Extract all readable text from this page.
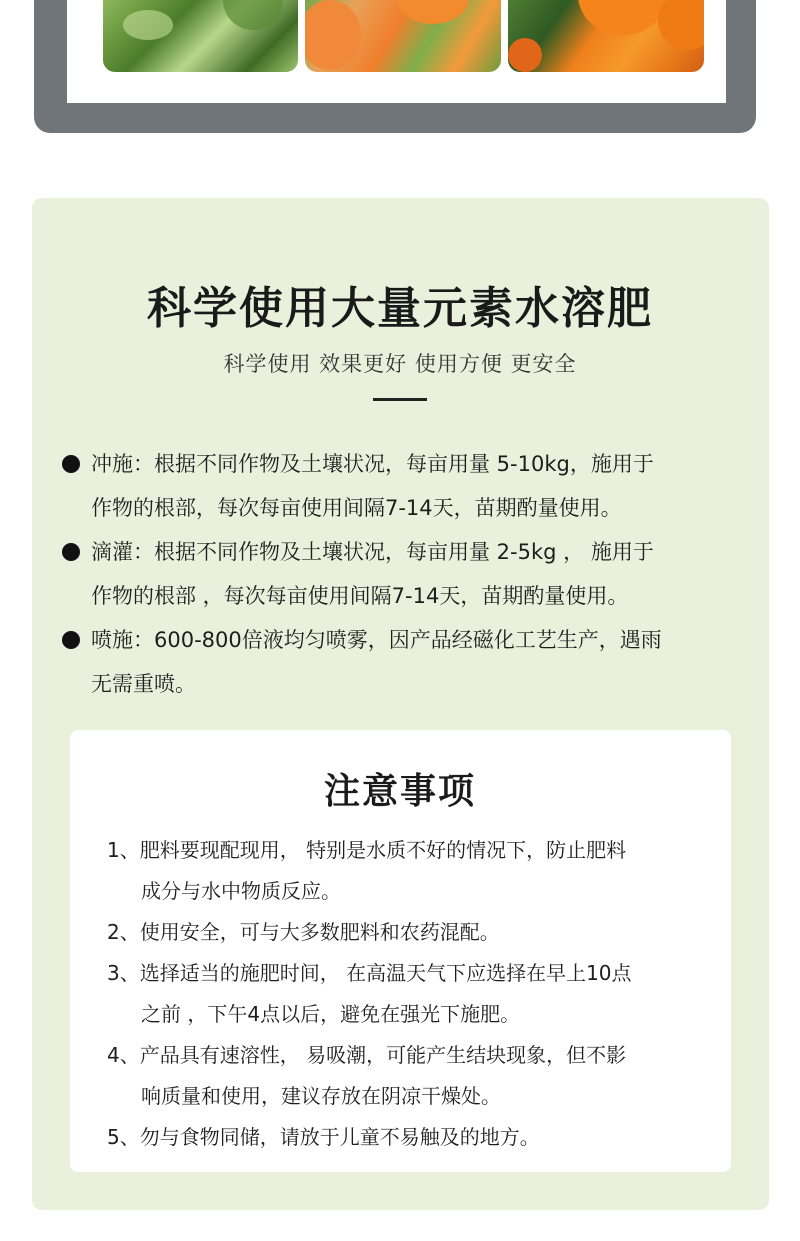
科学使用大量元素水溶肥
科学使用 效果更好 使用方便 更安全
冲施：根据不同作物及土壤状况，每亩用量 5-10kg，施用于
作物的根部，每次每亩使用间隔7-14天，苗期酌量使用。
滴灌：根据不同作物及土壤状况，每亩用量 2-5kg ， 施用于
作物的根部 ，每次每亩使用间隔7-14天，苗期酌量使用。
喷施：600-800倍液均匀喷雾，因产品经磁化工艺生产，遇雨
无需重喷。
注意事项
1、肥料要现配现用， 特别是水质不好的情况下，防止肥料
成分与水中物质反应。
2、使用安全，可与大多数肥料和农药混配。
3、选择适当的施肥时间， 在高温天气下应选择在早上10点
之前 ，下午4点以后，避免在强光下施肥。
4、产品具有速溶性， 易吸潮，可能产生结块现象，但不影
响质量和使用，建议存放在阴凉干燥处。
5、勿与食物同储，请放于儿童不易触及的地方。
